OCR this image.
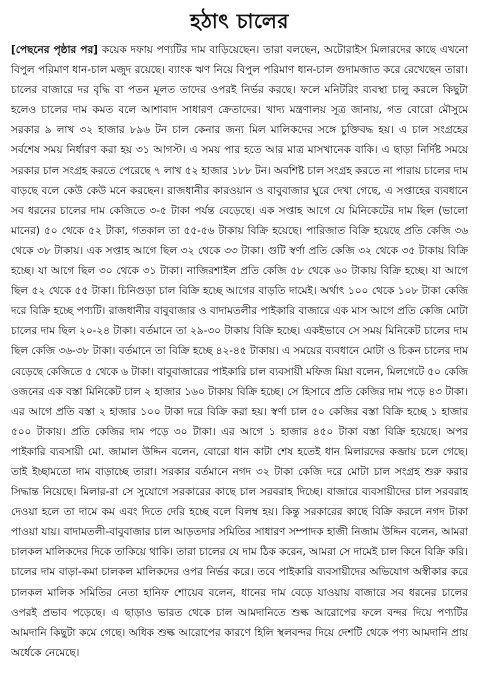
হঠাৎ চালের

[পেছনের পৃষ্ঠার পর] কয়েক দফায় পণ্যটির দাম বাড়িয়েছেন। তারা বলছেন, অটোরাইস মিলারদের কাছে এখনো বিপুল পরিমাণ ধান-চাল মজুদ রয়েছে। ব্যাংক ঋণ নিয়ে বিপুল পরিমাণ ধান-চাল গুদামজাত করে রেখেছেন তারা। চালের বাজারে দর বৃদ্ধি বা পতন মূলত তাদের ওপরই নির্ভর করছে। ফলে মনিটরিং ব্যবস্থা চালু করলে কিছুটা হলেও চালের দাম কমত বলে আশাবাদ সাধারণ ক্রেতাদের। খাদ্য মন্ত্রণালয় সূত্র জানায়, গত বোরো মৌসুমে সরকার ৯ লাখ ৩২ হাজার ৮৯৬ টন চাল কেনার জন্য মিল মালিকদের সঙ্গে চুক্তিবদ্ধ হয়। এ চাল সংগ্রহের সর্বশেষ সময় নির্ধারণ করা হয় ৩১ আগস্ট। এ সময় পার হতে আর মাত্র মাসখানেক বাকি। এ ছাড়া নির্দিষ্ট সময়ে সরকার চাল সংগ্রহ করতে পেরেছে ৭ লাখ ৫২ হাজার ১৮৮ টন। অবশিষ্ট চাল সংগ্রহ করতে না পারায় চালের দাম বাড়ছে বলে কেউ কেউ মনে করছেন। রাজধানীর কারওয়ান ও বাবুবাজার ঘুরে দেখা গেছে, এ সপ্তাহের ব্যবধানে সব ধরনের চালের দাম কেজিতে ৩-৫ টাকা পর্যন্ত বেড়েছে। এক সপ্তাহ আগে যে মিনিকেটের দাম ছিল (ভালো মানের) ৫০ থেকে ৫২ টাকা, গতকাল তা ৫৫-৫৬ টাকায় বিক্রি হয়েছে। পারিজাত বিক্রি হয়েছে প্রতি কেজি ৩৬ থেকে ৩৮ টাকায়। এক সপ্তাহ আগে ছিল ৩২ থেকে ৩৩ টাকা। গুটি স্বর্ণা প্রতি কেজি ৩২ থেকে ৩৫ টাকায় বিক্রি হচ্ছে। যা আগে ছিল ৩০ থেকে ৩১ টাকা। নাজিরশাইল প্রতি কেজি ৫৮ থেকে ৬০ টাকায় বিক্রি হচ্ছে। যা আগে ছিল ৫২ থেকে ৫৫ টাকা। চিনিগুড়া চাল বিক্রি হচ্ছে আগের বাড়তি দামেই। অর্থাৎ ১০০ থেকে ১০৮ টাকা কেজি দরে বিক্রি হচ্ছে পণ্যটি। রাজধানীর বাবুবাজার ও বাদামতলীর পাইকারি বাজারে এক মাস আগে প্রতি কেজি মোটা চালের দাম ছিল ২০-২৪ টাকা। বর্তমানে তা ২৯-৩০ টাকায় বিক্রি হচ্ছে। একইভাবে সে সময় মিনিকেট চালের দাম ছিল কেজি ৩৬-৩৮ টাকা। বর্তমানে তা বিক্রি হচ্ছে ৪২-৪৫ টাকায়। এ সময়ের ব্যবধানে মোটা ও চিকন চালের দাম বেড়েছে কেজিতে ৫ থেকে ৬ টাকা। বাবুবাজারের পাইকারি চাল ব্যবসায়ী মফিজ মিয়া বলেন, মিলগেটে ৫০ কেজি ওজনের এক বস্তা মিনিকেট চাল ২ হাজার ১৬০ টাকায় বিক্রি হচ্ছে। সে হিসাবে প্রতি কেজির দাম পড়ে ৪৩ টাকা। এর আগে প্রতি বস্তা ২ হাজার ১০০ টাকা দরে বিক্রি করা হয়। স্বর্ণা চাল ৫০ কেজির বস্তা বিক্রি হচ্ছে ১ হাজার ৫০০ টাকায়। প্রতি কেজির দাম পড়ে ৩০ টাকা। এর আগে ১ হাজার ৪৫০ টাকা বস্তা বিক্রি হয়েছে। অপর পাইকারি ব্যবসায়ী মো. জামাল উদ্দিন বলেন, বোরো ধান কাটা শেষ হতেই ধান মিলারদের কব্জায় চলে গেছে। তাই ইচ্ছামতো দাম বাড়াচ্ছে তারা। সরকার বর্তমানে নগদ ৩২ টাকা কেজি দরে মোটা চাল সংগ্রহ শুরু করার সিদ্ধান্ত নিয়েছে। মিলার-রা সে সুযোগে সরকারের কাছে চাল সরবরাহ দিচ্ছে। বাজারে ব্যবসায়ীদের চাল সরবরাহ দেওয়া হলে তা দামে কম এবং দিতে দেরি হচ্ছে বলে বিলম্ব হয়। কিন্তু সরকারের কাছে বিক্রি করলে নগদ টাকা পাওয়া যায়। বাদামতলী-বাবুবাজার চাল আড়তদার সমিতির সাধারণ সম্পাদক হাজী নিজাম উদ্দিন বলেন, আমরা চালকল মালিকদের দিকে তাকিয়ে থাকি। তারা চালের যে দাম ঠিক করেন, আমরা সে দামেই চাল কিনে বিক্রি করি। চালের দাম বাড়া-কমা চালকল মালিকদের ওপর নির্ভর করে। তবে পাইকারি ব্যবসায়ীদের অভিযোগ অস্বীকার করে চালকল মালিক সমিতির নেতা হানিফ শোয়েব বলেন, ধানের দাম বেড়ে যাওয়ায় বাজারে সব ধরনের চালের ওপরই প্রভাব পড়েছে। এ ছাড়াও ভারত থেকে চাল আমদানিতে শুল্ক আরোপের ফলে বন্দর দিয়ে পণ্যটির আমদানি কিছুটা কমে গেছে। অধিক শুল্ক আরোপের কারণে হিলি স্থলবন্দর দিয়ে দেশটি থেকে পণ্য আমদানি প্রায় অর্ধেকে নেমেছে।
